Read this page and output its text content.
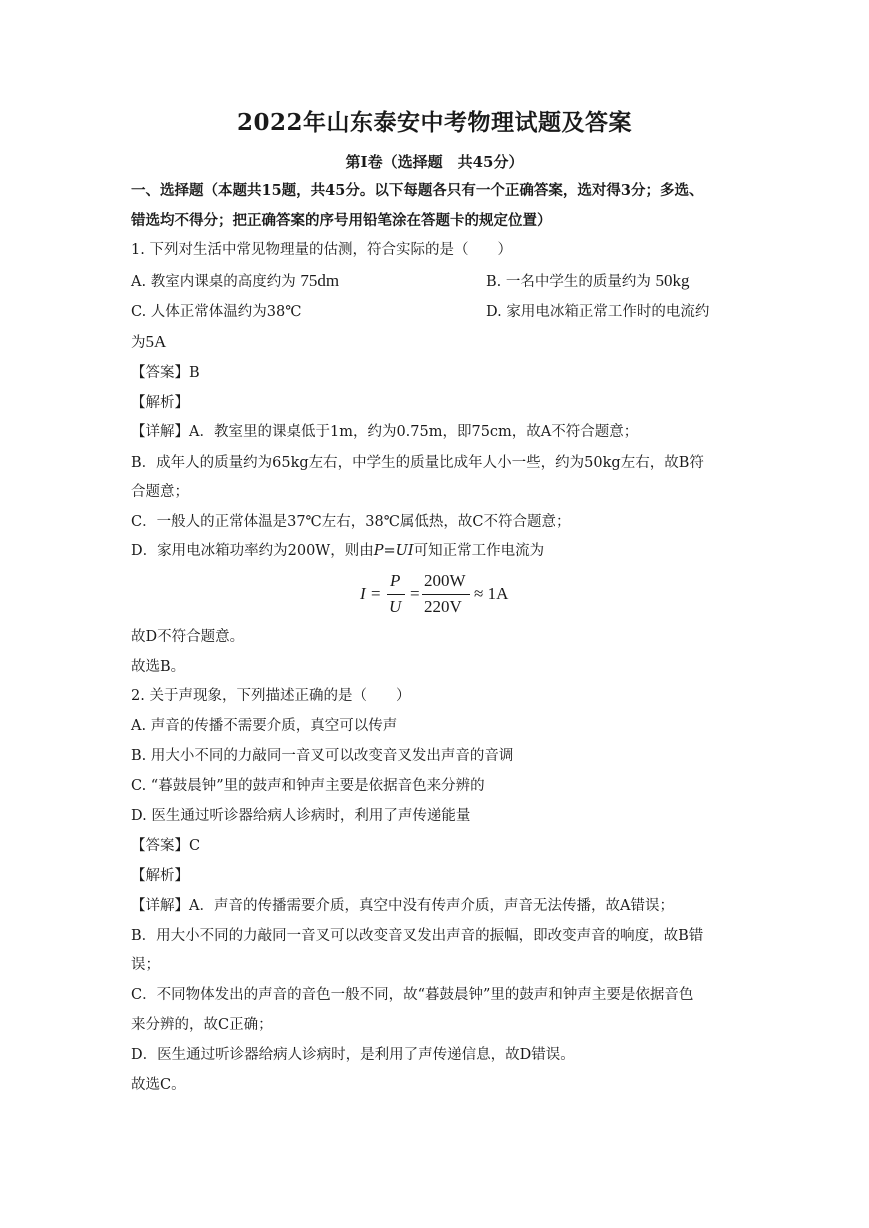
2022年山东泰安中考物理试题及答案
第Ⅰ卷（选择题　共45分）
一、选择题（本题共15题，共45分。以下每题各只有一个正确答案，选对得3分；多选、
错选均不得分；把正确答案的序号用铅笔涂在答题卡的规定位置）
1. 下列对生活中常见物理量的估测，符合实际的是（　　）
A. 教室内课桌的高度约为 75dm	B. 一名中学生的质量约为 50kg
C. 人体正常体温约为38℃	D. 家用电冰箱正常工作时的电流约
为5A
【答案】B
【解析】
【详解】A．教室里的课桌低于1m，约为0.75m，即75cm，故A不符合题意；
B．成年人的质量约为65kg左右，中学生的质量比成年人小一些，约为50kg左右，故B符
合题意；
C．一般人的正常体温是37℃左右，38℃属低热，故C不符合题意；
D．家用电冰箱功率约为200W，则由P=UI可知正常工作电流为
I =
P
U
=
200W
220V
≈ 1A
故D不符合题意。
故选B。
2. 关于声现象，下列描述正确的是（　　）
A. 声音的传播不需要介质，真空可以传声
B. 用大小不同的力敲同一音叉可以改变音叉发出声音的音调
C. “暮鼓晨钟”里的鼓声和钟声主要是依据音色来分辨的
D. 医生通过听诊器给病人诊病时，利用了声传递能量
【答案】C
【解析】
【详解】A．声音的传播需要介质，真空中没有传声介质，声音无法传播，故A错误；
B．用大小不同的力敲同一音叉可以改变音叉发出声音的振幅，即改变声音的响度，故B错
误；
C．不同物体发出的声音的音色一般不同，故“暮鼓晨钟”里的鼓声和钟声主要是依据音色
来分辨的，故C正确；
D．医生通过听诊器给病人诊病时，是利用了声传递信息，故D错误。
故选C。
